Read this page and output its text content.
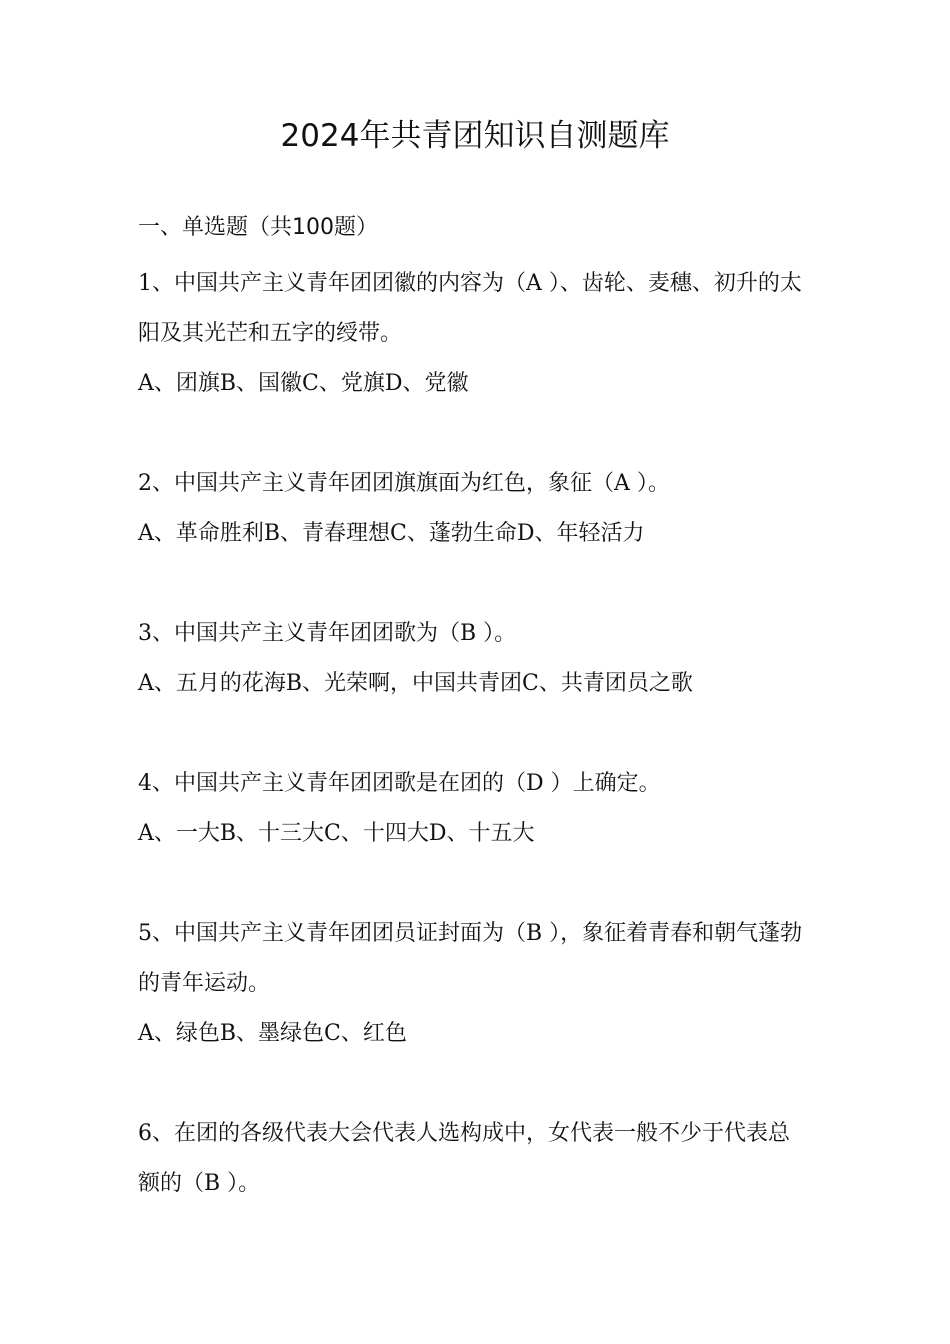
2024年共青团知识自测题库
一、单选题（共100题）

1、中国共产主义青年团团徽的内容为（A ）、齿轮、麦穗、初升的太阳及其光芒和五字的绶带。

A、团旗B、国徽C、党旗D、党徽

2、中国共产主义青年团团旗旗面为红色，象征（A ）。

A、革命胜利B、青春理想C、蓬勃生命D、年轻活力

3、中国共产主义青年团团歌为（B ）。

A、五月的花海B、光荣啊，中国共青团C、共青团员之歌

4、中国共产主义青年团团歌是在团的（D ）上确定。

A、一大B、十三大C、十四大D、十五大

5、中国共产主义青年团团员证封面为（B ），象征着青春和朝气蓬勃的青年运动。

A、绿色B、墨绿色C、红色

6、在团的各级代表大会代表人选构成中，女代表一般不少于代表总额的（B ）。
